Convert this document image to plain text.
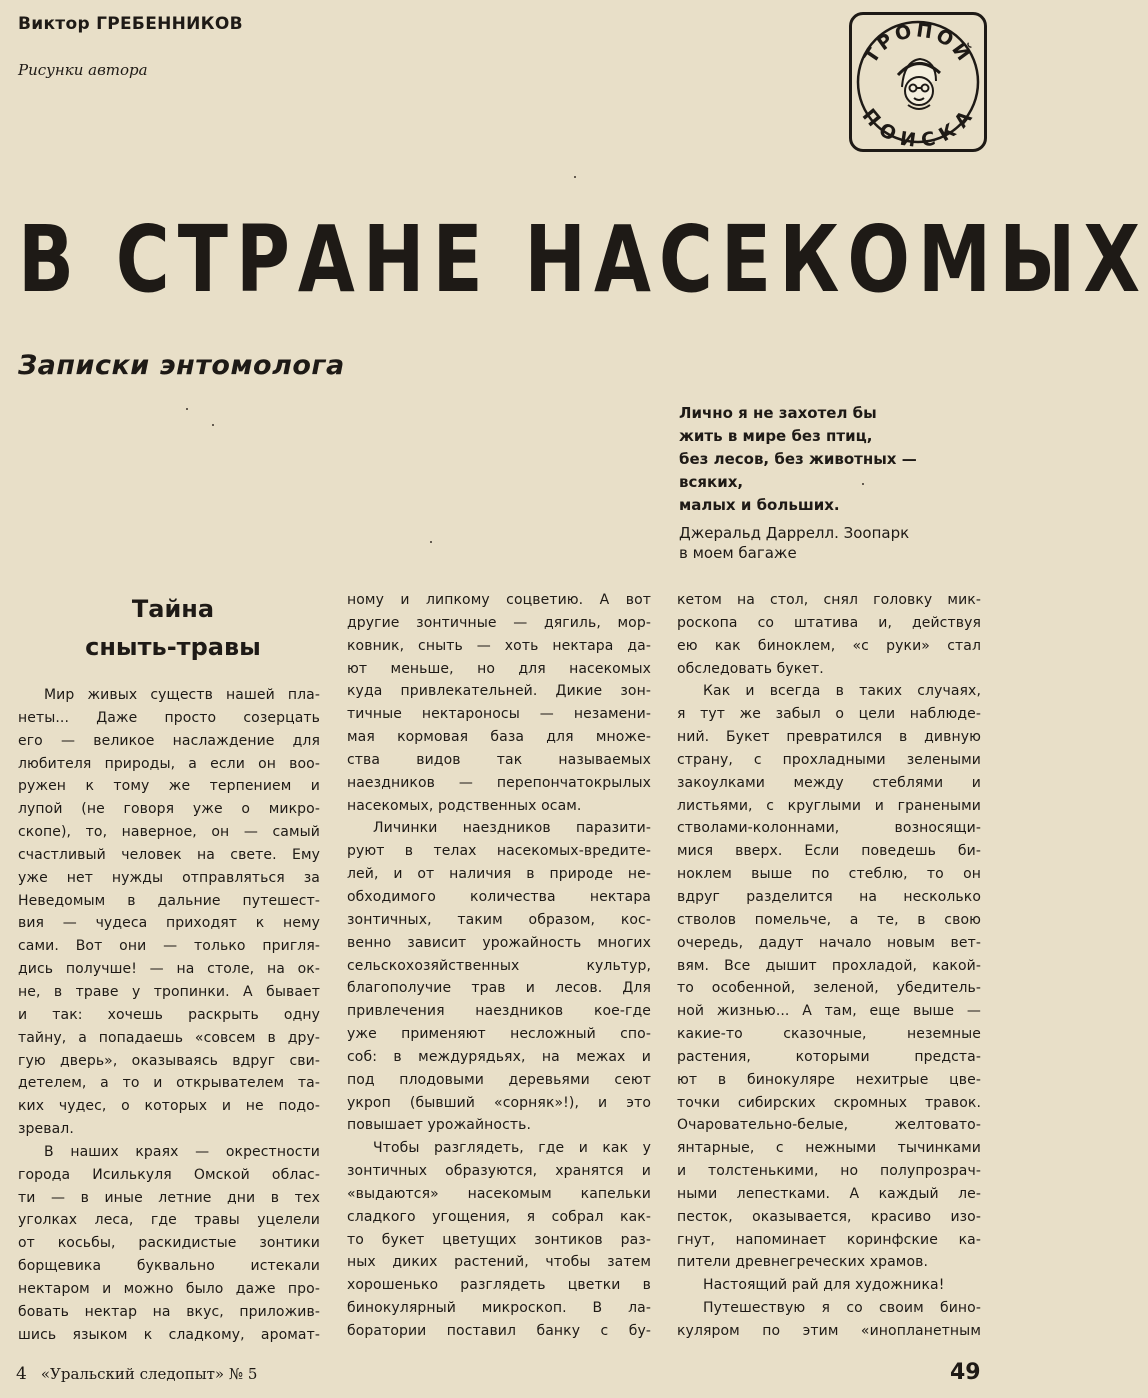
Виктор ГРЕБЕННИКОВ
Рисунки автора
ТРОПОЙ
ПОИСКА
В СТРАНЕ НАСЕКОМЫХ
Записки энтомолога
Лично я не захотел бы
жить в мире без птиц,
без лесов, без животных —
всяких,
малых и больших.
Джеральд Даррелл. Зоопарк
в моем багаже
Тайна
сныть-травы
Мир живых существ нашей пла-
неты... Даже просто созерцать
его — великое наслаждение для
любителя природы, а если он воо-
ружен к тому же терпением и
лупой (не говоря уже о микро-
скопе), то, наверное, он — самый
счастливый человек на свете. Ему
уже нет нужды отправляться за
Неведомым в дальние путешест-
вия — чудеса приходят к нему
сами. Вот они — только пригля-
дись получше! — на столе, на ок-
не, в траве у тропинки. А бывает
и так: хочешь раскрыть одну
тайну, а попадаешь «совсем в дру-
гую дверь», оказываясь вдруг сви-
детелем, а то и открывателем та-
ких чудес, о которых и не подо-
зревал.
В наших краях — окрестности
города Исилькуля Омской облас-
ти — в иные летние дни в тех
уголках леса, где травы уцелели
от косьбы, раскидистые зонтики
борщевика буквально истекали
нектаром и можно было даже про-
бовать нектар на вкус, приложив-
шись языком к сладкому, аромат-
ному и липкому соцветию. А вот
другие зонтичные — дягиль, мор-
ковник, сныть — хоть нектара да-
ют меньше, но для насекомых
куда привлекательней. Дикие зон-
тичные нектароносы — незамени-
мая кормовая база для множе-
ства видов так называемых
наездников — перепончатокрылых
насекомых, родственных осам.
Личинки наездников паразити-
руют в телах насекомых-вредите-
лей, и от наличия в природе не-
обходимого количества нектара
зонтичных, таким образом, кос-
венно зависит урожайность многих
сельскохозяйственных культур,
благополучие трав и лесов. Для
привлечения наездников кое-где
уже применяют несложный спо-
соб: в междурядьях, на межах и
под плодовыми деревьями сеют
укроп (бывший «сорняк»!), и это
повышает урожайность.
Чтобы разглядеть, где и как у
зонтичных образуются, хранятся и
«выдаются» насекомым капельки
сладкого угощения, я собрал как-
то букет цветущих зонтиков раз-
ных диких растений, чтобы затем
хорошенько разглядеть цветки в
бинокулярный микроскоп. В ла-
боратории поставил банку с бу-
кетом на стол, снял головку мик-
роскопа со штатива и, действуя
ею как биноклем, «с руки» стал
обследовать букет.
Как и всегда в таких случаях,
я тут же забыл о цели наблюде-
ний. Букет превратился в дивную
страну, с прохладными зелеными
закоулками между стеблями и
листьями, с круглыми и гранеными
стволами-колоннами, возносящи-
мися вверх. Если поведешь би-
ноклем выше по стеблю, то он
вдруг разделится на несколько
стволов помельче, а те, в свою
очередь, дадут начало новым вет-
вям. Все дышит прохладой, какой-
то особенной, зеленой, убедитель-
ной жизнью... А там, еще выше —
какие-то сказочные, неземные
растения, которыми предста-
ют в бинокуляре нехитрые цве-
точки сибирских скромных травок.
Очаровательно-белые, желтовато-
янтарные, с нежными тычинками
и толстенькими, но полупрозрач-
ными лепестками. А каждый ле-
песток, оказывается, красиво изо-
гнут, напоминает коринфские ка-
пители древнегреческих храмов.
Настоящий рай для художника!
Путешествую я со своим бино-
куляром по этим «инопланетным
4 «Уральский следопыт» № 5	49
